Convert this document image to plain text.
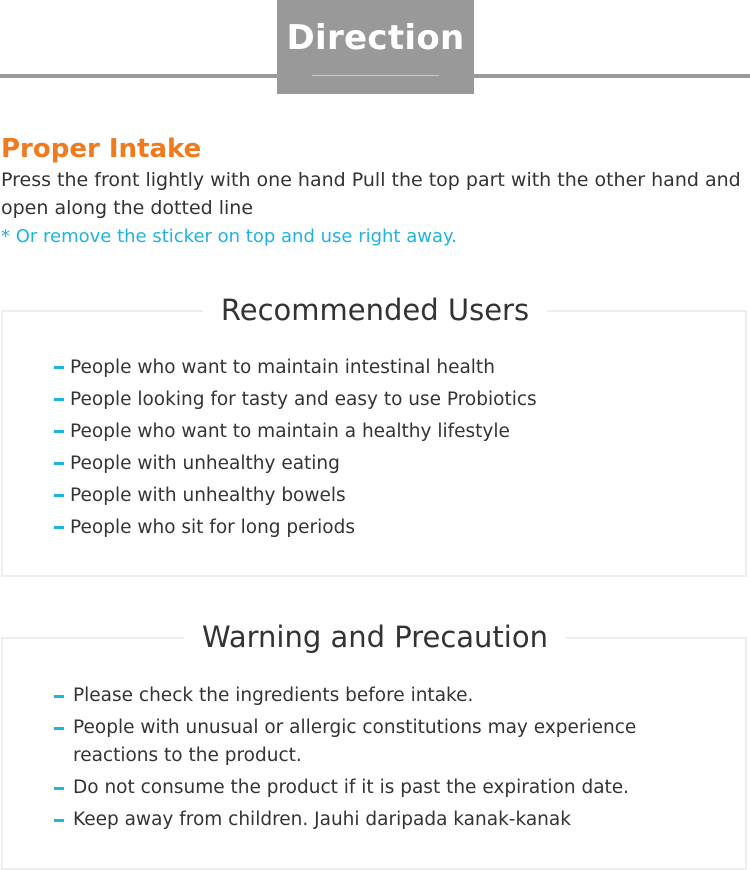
Direction
Proper Intake

Press the front lightly with one hand Pull the top part with the other hand and open along the dotted line

* Or remove the sticker on top and use right away.

Recommended Users
People who want to maintain intestinal health
People looking for tasty and easy to use Probiotics
People who want to maintain a healthy lifestyle
People with unhealthy eating
People with unhealthy bowels
People who sit for long periods
Warning and Precaution
Please check the ingredients before intake.
People with unusual or allergic constitutions may experience reactions to the product.
Do not consume the product if it is past the expiration date.
Keep away from children. Jauhi daripada kanak-kanak
